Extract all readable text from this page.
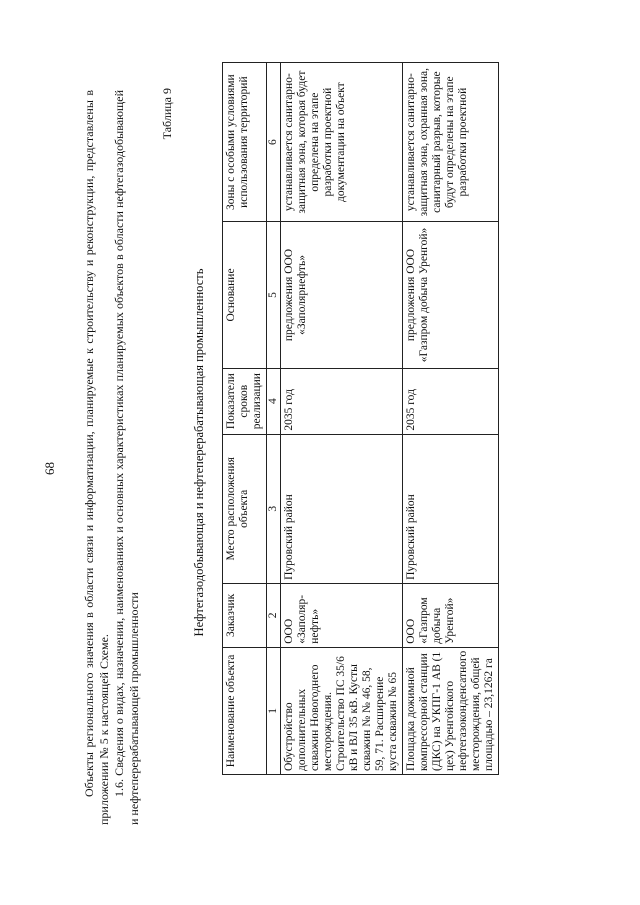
68 Объекты регионального значения в области связи и информатизации, планируемые к строительству и реконструкции, представлены в приложении № 5 к настоящей Схеме. 1.6. Сведения о видах, назначении, наименованиях и основных характеристиках планируемых объектов в области нефтегазодобывающей и нефтеперерабатывающей промышленности

Таблица 9
Нефтегазодобывающая и нефтеперерабатывающая промышленность
Наименование объекта	Заказчик	Место расположения объекта	Показатели сроков реализации	Основание	Зоны с особыми условиями использования территорий
1	2	3	4	5	6
Обустройство дополнительных скважин Новогоднего месторождения. Строительство ПС 35/6 кВ и ВЛ 35 кВ. Кусты скважин № № 46, 58, 59, 71. Расширение куста скважин № 65	ООО «Заполяр-нефть»	Пуровский район	2035 год	предложения ООО «Заполярнефть»	устанавливается санитарно-защитная зона, которая будет определена на этапе разработки проектной документации на объект
Площадка дожимной компрессорной станции (ДКС) на УКПГ-1 АВ (1 цех) Уренгойского нефтегазоконденсатного месторождения, общей площадью – 23,1262 га	ООО «Газпром добыча Уренгой»	Пуровский район	2035 год	предложения ООО «Газпром добыча Уренгой»	устанавливается санитарно-защитная зона, охранная зона, санитарный разрыв, которые будут определены на этапе разработки проектной
